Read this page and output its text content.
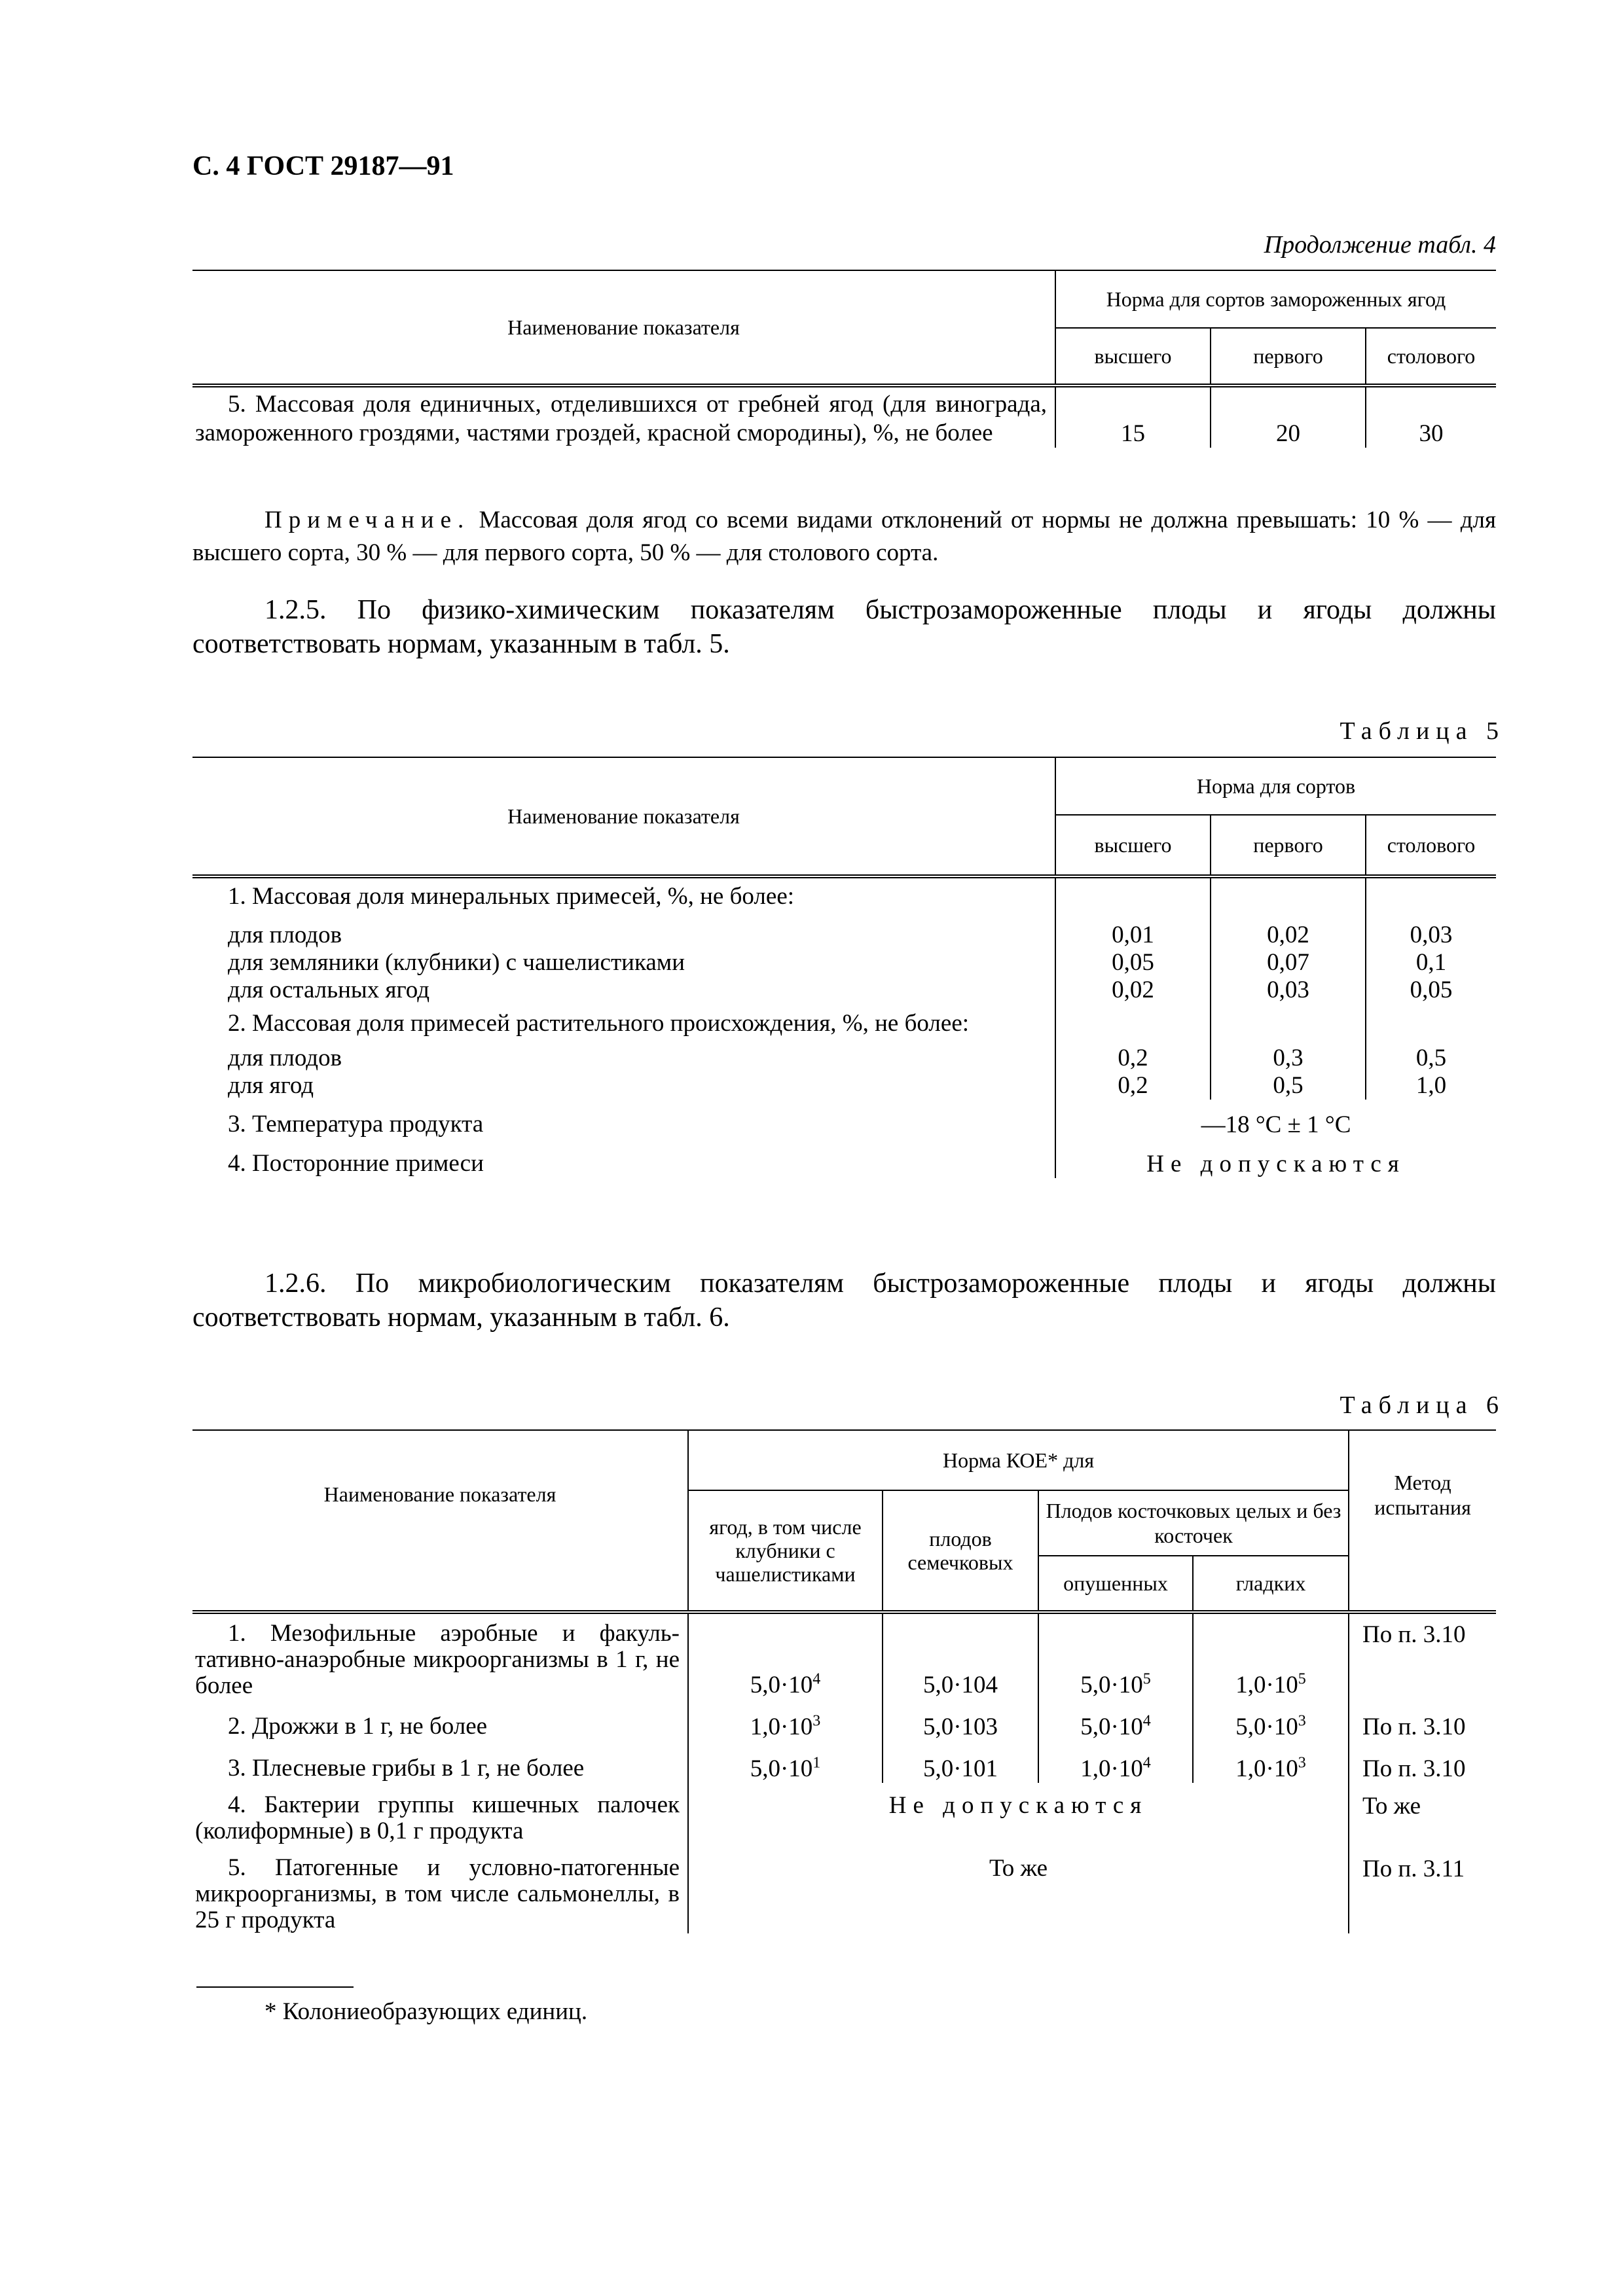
С. 4 ГОСТ 29187—91
Продолжение табл. 4
Наименование показателя	Норма для сортов замороженных ягод		
	высшего	первого	столового

5. Массовая доля единичных, отделившихся от гребней ягод (для винограда, замороженного гроздями, частями гроздей, красной смородины), %, не более	15	20	30
Примечание. Массовая доля ягод со всеми видами отклонений от нормы не должна превышать: 10 % — для высшего сорта, 30 % — для первого сорта, 50 % — для столового сорта.
1.2.5. По физико-химическим показателям быстрозамороженные плоды и ягоды должны соответствовать нормам, указанным в табл. 5.
Таблица 5
Наименование показателя	Норма для сортов		
	высшего	первого	столового

1. Массовая доля минеральных примесей, %, не более:			

для плодов	0,01	0,02	0,03
для земляники (клубники) с чашелистиками	0,05	0,07	0,1
для остальных ягод	0,02	0,03	0,05

2. Массовая доля примесей растительного происхождения, %, не более:			

для плодов	0,2	0,3	0,5
для ягод	0,2	0,5	1,0

3. Температура продукта	—18 °С ± 1 °С		

4. Посторонние примеси	Не допускаются		
1.2.6. По микробиологическим показателям быстрозамороженные плоды и ягоды должны соответствовать нормам, указанным в табл. 6.
Таблица 6
Наименование показателя	Норма КОЕ* для				Метод испытания
	ягод, в том числе клубники с чашелистиками	плодов семечковых	Плодов косточковых целых и без косточек		
			опушенных	гладких	

1. Мезофильные аэробные и факуль-тативно-анаэробные микроорганизмы в 1 г, не более	$5,0\cdot 10^4$	5,0·104	$5,0\cdot 10^5$	$1,0\cdot 10^5$	По п. 3.10

2. Дрожжи в 1 г, не более	$1,0\cdot 10^3$	5,0·103	$5,0\cdot 10^4$	$5,0\cdot 10^3$	По п. 3.10

3. Плесневые грибы в 1 г, не более	$5,0\cdot 10^1$	5,0·101	$1,0\cdot 10^4$	$1,0\cdot 10^3$	По п. 3.10

4. Бактерии группы кишечных палочек (колиформные) в 0,1 г продукта	Не допускаются				То же

5. Патогенные и условно-патогенные микроорганизмы, в том числе сальмонеллы, в 25 г продукта	То же				По п. 3.11
* Колониеобразующих единиц.
